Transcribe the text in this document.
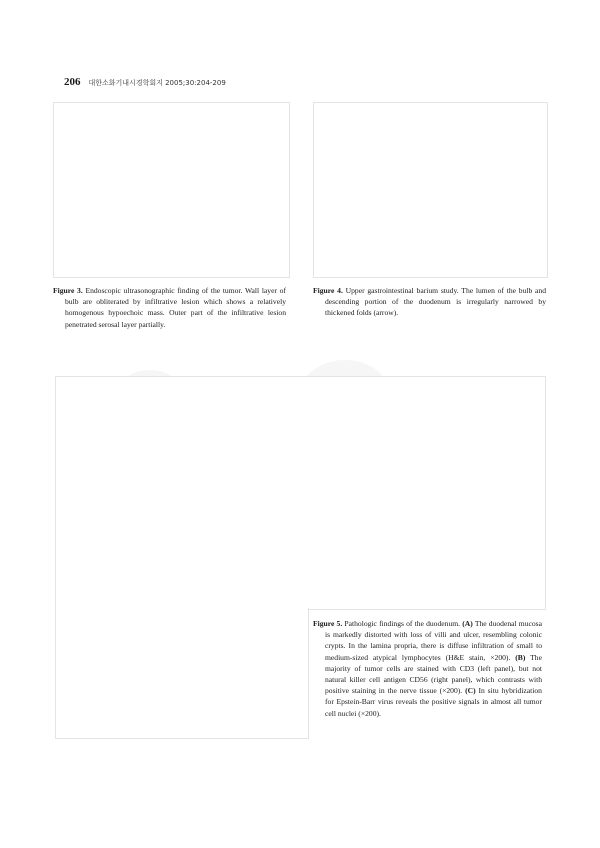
206 대한소화기내시경학회지 2005;30:204-209
Figure 3. Endoscopic ultrasonographic finding of the tumor. Wall layer of bulb are obliterated by infiltrative lesion which shows a relatively homogenous hypoechoic mass. Outer part of the infiltrative lesion penetrated serosal layer partially.
Figure 4. Upper gastrointestinal barium study. The lumen of the bulb and descending portion of the duodenum is irregularly narrowed by thickened folds (arrow).
Figure 5. Pathologic findings of the duodenum. (A) The duodenal mucosa is markedly distorted with loss of villi and ulcer, resembling colonic crypts. In the lamina propria, there is diffuse infiltration of small to medium-sized atypical lymphocytes (H&E stain, ×200). (B) The majority of tumor cells are stained with CD3 (left panel), but not natural killer cell antigen CD56 (right panel), which contrasts with positive staining in the nerve tissue (×200). (C) In situ hybridization for Epstein-Barr virus reveals the positive signals in almost all tumor cell nuclei (×200).
